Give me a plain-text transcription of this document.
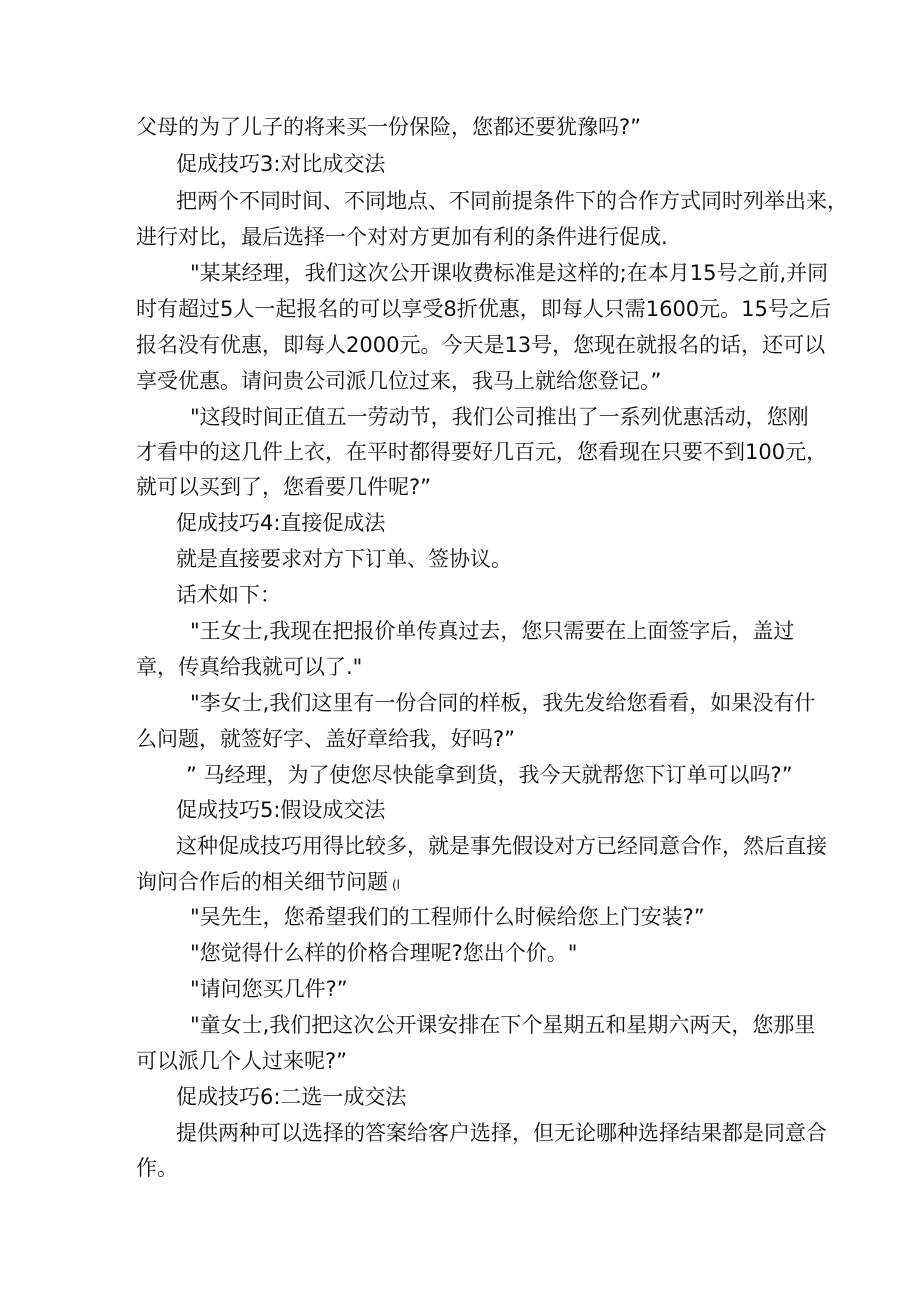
父母的为了儿子的将来买一份保险，您都还要犹豫吗?”
促成技巧3:对比成交法
把两个不同时间、不同地点、不同前提条件下的合作方式同时列举出来，
进行对比，最后选择一个对对方更加有利的条件进行促成.
"某某经理，我们这次公开课收费标准是这样的;在本月15号之前,并同
时有超过5人一起报名的可以享受8折优惠，即每人只需1600元。15号之后
报名没有优惠，即每人2000元。今天是13号，您现在就报名的话，还可以
享受优惠。请问贵公司派几位过来，我马上就给您登记。”
"这段时间正值五一劳动节，我们公司推出了一系列优惠活动，您刚
才看中的这几件上衣，在平时都得要好几百元，您看现在只要不到100元，
就可以买到了，您看要几件呢?”
促成技巧4:直接促成法
就是直接要求对方下订单、签协议。
话术如下：
"王女士,我现在把报价单传真过去，您只需要在上面签字后，盖过
章，传真给我就可以了."
"李女士,我们这里有一份合同的样板，我先发给您看看，如果没有什
么问题，就签好字、盖好章给我，好吗?”
” 马经理，为了使您尽快能拿到货，我今天就帮您下订单可以吗?”
促成技巧5:假设成交法
这种促成技巧用得比较多，就是事先假设对方已经同意合作，然后直接
询问合作后的相关细节问题 (l
"吴先生，您希望我们的工程师什么时候给您上门安装?”
"您觉得什么样的价格合理呢?您出个价。"
"请问您买几件?”
"童女士,我们把这次公开课安排在下个星期五和星期六两天，您那里
可以派几个人过来呢?”
促成技巧6:二选一成交法
提供两种可以选择的答案给客户选择，但无论哪种选择结果都是同意合
作。
